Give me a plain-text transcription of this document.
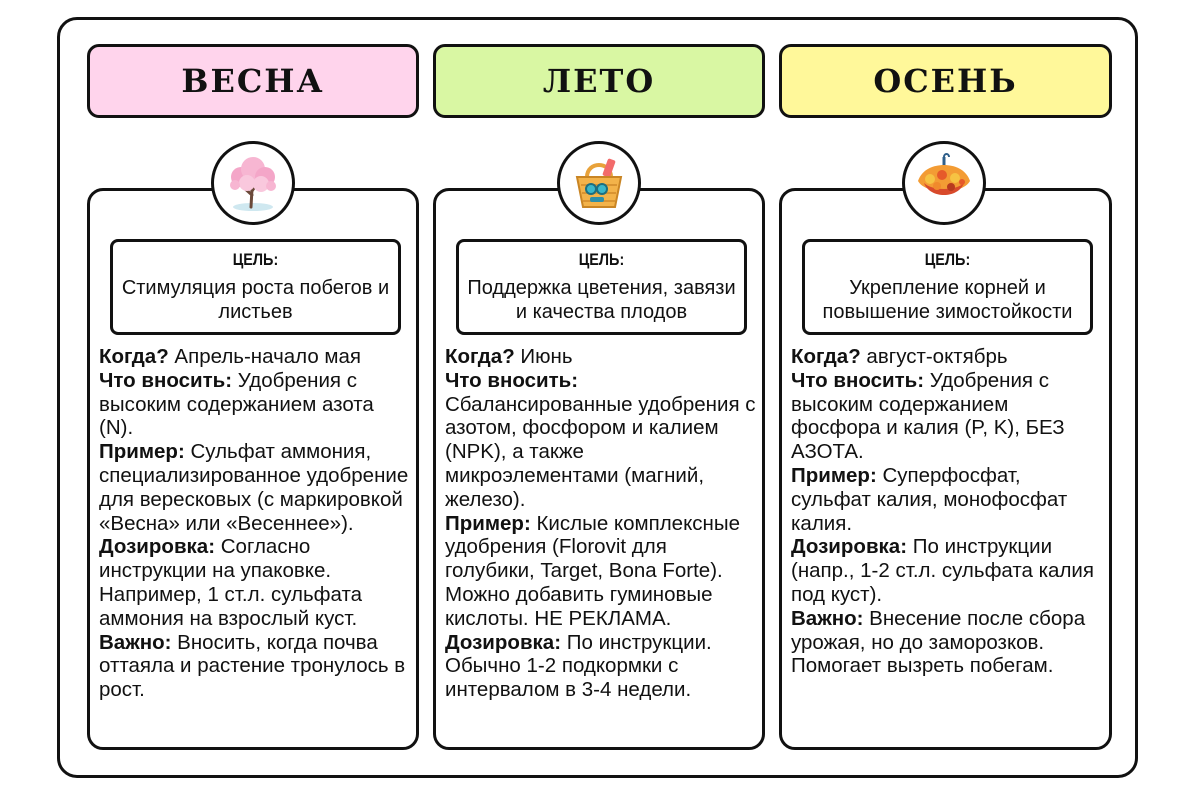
ВЕСНА	ЛЕТО	ОСЕНЬ
ЦЕЛЬ:
Стимуляция роста побегов и листьев

Когда? Апрель-начало мая

Что вносить: Удобрения с высоким содержанием азота (N).

Пример: Сульфат аммония, специализированное удобрение для вересковых (с маркировкой «Весна» или «Весеннее»).

Дозировка: Согласно инструкции на упаковке. Например, 1 ст.л. сульфата аммония на взрослый куст.

Важно: Вносить, когда почва оттаяла и растение тронулось в рост.

ЦЕЛЬ:
Поддержка цветения, завязи и качества плодов

Когда? Июнь

Что вносить:
Сбалансированные удобрения с азотом, фосфором и калием (NPK), а также микроэлементами (магний, железо).

Пример: Кислые комплексные удобрения (Florovit для голубики, Target, Bona Forte). Можно добавить гуминовые кислоты. НЕ РЕКЛАМА.

Дозировка: По инструкции. Обычно 1-2 подкормки с интервалом в 3-4 недели.

ЦЕЛЬ:
Укрепление корней и повышение зимостойкости

Когда? август-октябрь

Что вносить: Удобрения с высоким содержанием фосфора и калия (P, K), БЕЗ АЗОТА.

Пример: Суперфосфат, сульфат калия, монофосфат калия.

Дозировка: По инструкции (напр., 1-2 ст.л. сульфата калия под куст).

Важно: Внесение после сбора урожая, но до заморозков. Помогает вызреть побегам.
